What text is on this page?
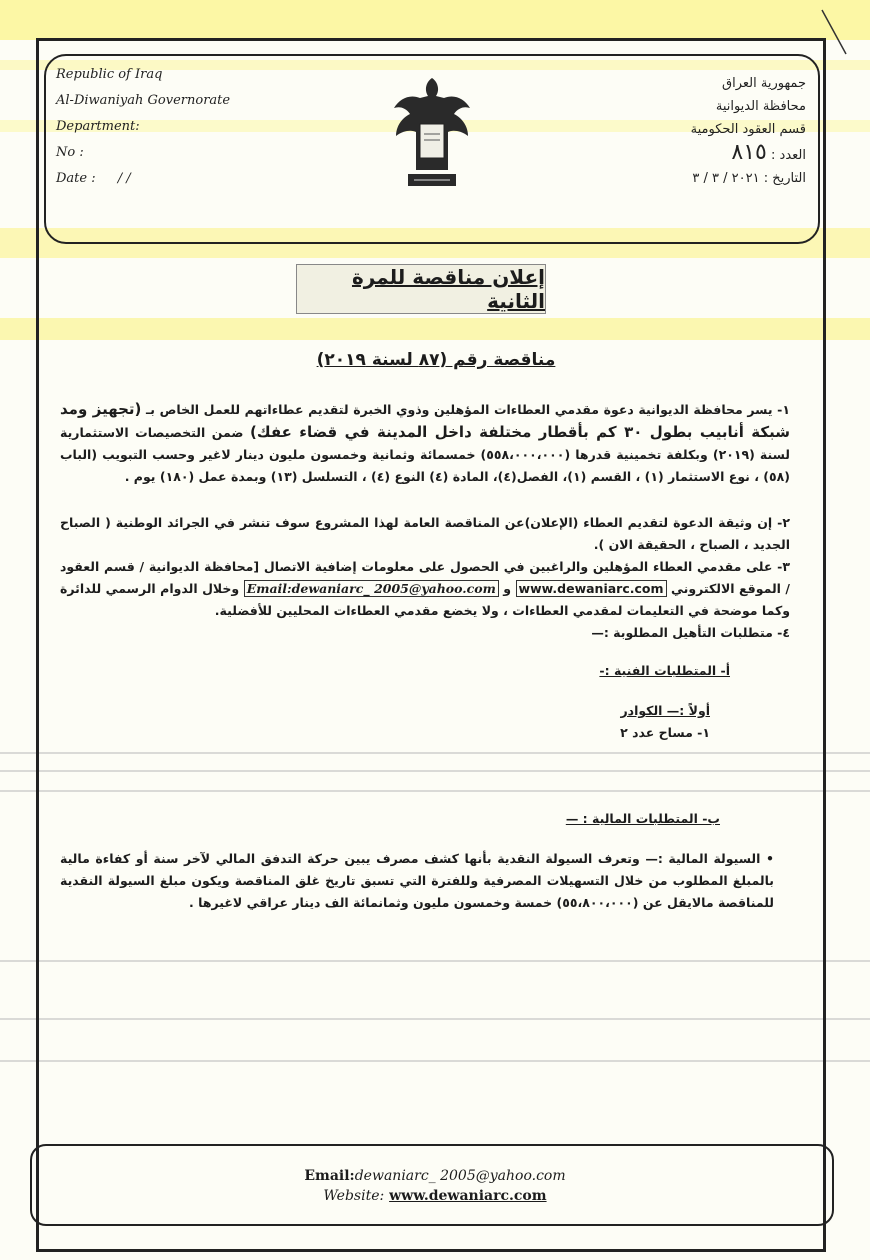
Republic of Iraq
Al-Diwaniyah Governorate
Department:
No :
Date : / /
جمهورية العراق
محافظة الديوانية
قسم العقود الحكومية
العدد : ٨١٥
التاريخ : ٢٠٢١ / ٣ / ٣
إعلان مناقصة للمرة الثانية
مناقصة رقم (٨٧ لسنة ٢٠١٩)
١- يسر محافظة الديوانية دعوة مقدمي العطاءات المؤهلين وذوي الخبرة لتقديم عطاءاتهم للعمل الخاص بـ (تجهيز ومد شبكة أنابيب بطول ٣٠ كم بأقطار مختلفة داخل المدينة في قضاء عفك) ضمن التخصيصات الاستثمارية لسنة (٢٠١٩) وبكلفة تخمينية قدرها (٥٥٨،٠٠٠،٠٠٠) خمسمائة وثمانية وخمسون مليون دينار لاغير وحسب التبويب (الباب (٥٨) ، نوع الاستثمار (١) ، القسم (١)، الفصل(٤)، المادة (٤) النوع (٤) ، التسلسل (١٣) وبمدة عمل (١٨٠) يوم .
٢- إن وثيقة الدعوة لتقديم العطاء (الإعلان)عن المناقصة العامة لهذا المشروع سوف تنشر في الجرائد الوطنية ( الصباح الجديد ، الصباح ، الحقيقة الان ).
٣- على مقدمي العطاء المؤهلين والراغبين في الحصول على معلومات إضافية الاتصال [محافظة الديوانية / قسم العقود / الموقع الالكتروني www.dewaniarc.com و Email:dewaniarc_ 2005@yahoo.com وخلال الدوام الرسمي للدائرة وكما موضحة في التعليمات لمقدمي العطاءات ، ولا يخضع مقدمي العطاءات المحليين للأفضلية.
٤- متطلبات التأهيل المطلوبة :—
أ- المتطلبات الفنية :-
أولاً :— الكوادر
١- مساح عدد ٢
ب- المتطلبات المالية : —
• السيولة المالية :— وتعرف السيولة النقدية بأنها كشف مصرف يبين حركة التدفق المالي لآخر سنة أو كفاءة مالية بالمبلغ المطلوب من خلال التسهيلات المصرفية وللفترة التي تسبق تاريخ غلق المناقصة ويكون مبلغ السيولة النقدية للمناقصة مالايقل عن (٥٥،٨٠٠،٠٠٠) خمسة وخمسون مليون وثمانمائة الف دينار عراقي لاغيرها .
Email:dewaniarc_ 2005@yahoo.com
Website: www.dewaniarc.com
